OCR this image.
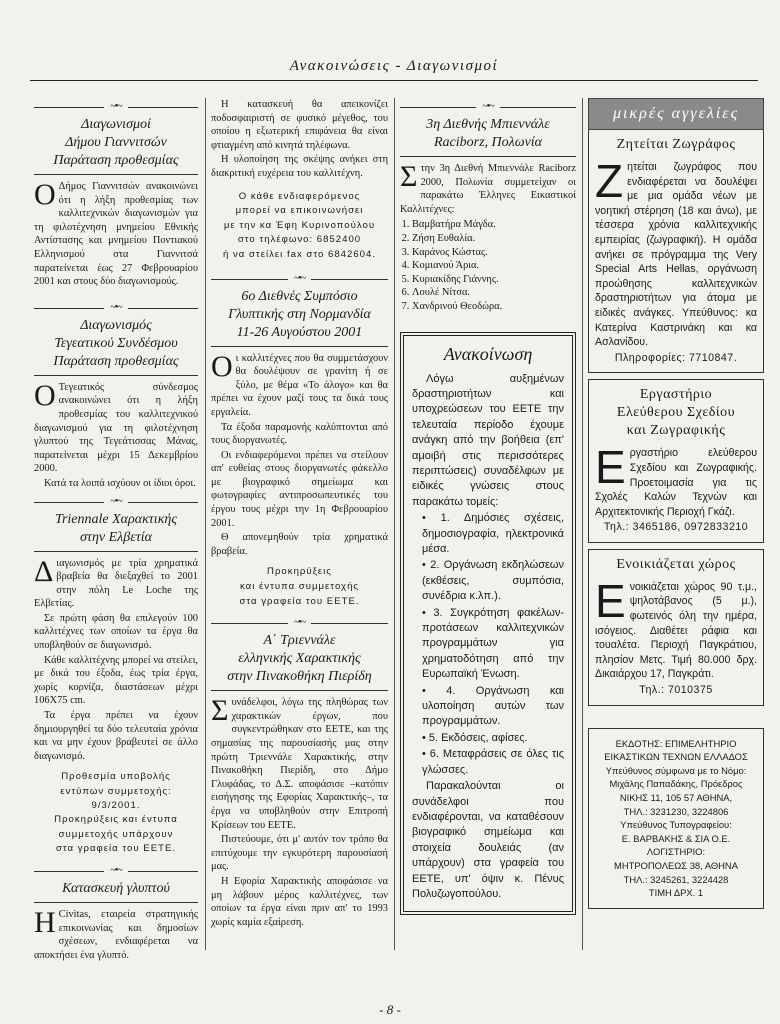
Ανακοινώσεις - Διαγωνισμοί
~•~
Διαγωνισμοί
Δήμου Γιαννιτσών
Παράταση προθεσμίας

Ο Δήμος Γιαννιτσών ανακοινώνει ότι η λήξη προθεσμίας των καλλιτεχνικών διαγωνισμών για τη φιλοτέχνηση μνημείου Εθνικής Αντίστασης και μνημείου Ποντιακού Ελληνισμού στα Γιαννιτσά παρατείνεται έως 27 Φεβρουαρίου 2001 και στους δύο διαγωνισμούς.

~•~
Διαγωνισμός
Τεγεατικού Συνδέσμου
Παράταση προθεσμίας

Ο Τεγεατικός σύνδεσμος ανακοινώνει ότι η λήξη προθεσμίας του καλλιτεχνικού διαγωνισμού για τη φιλοτέχνηση γλυπτού της Τεγεάτισσας Μάνας, παρατείνεται μέχρι 15 Δεκεμβρίου 2000.

Κατά τα λοιπά ισχύουν οι ίδιοι όροι.

~•~
Triennale Χαρακτικής
στην Ελβετία

Διαγωνισμός με τρία χρηματικά βραβεία θα διεξαχθεί το 2001 στην πόλη Le Loche της Ελβετίας.

Σε πρώτη φάση θα επιλεγούν 100 καλλιτέχνες των οποίων τα έργα θα υποβληθούν σε διαγωνισμό.

Κάθε καλλιτέχνης μπορεί να στείλει, με δικά του έξοδα, έως τρία έργα, χωρίς κορνίζα, διαστάσεων μέχρι 106Χ75 cm.

Τα έργα πρέπει να έχουν δημιουργηθεί τα δύο τελευταία χρόνια και να μην έχουν βραβευτεί σε άλλο διαγωνισμό.

Προθεσμία υποβολής

εντύπων συμμετοχής: 9/3/2001.

Προκηρύξεις και έντυπα

συμμετοχής υπάρχουν

στα γραφεία του ΕΕΤΕ.

~•~
Κατασκευή γλυπτού

Η Civitas, εταιρεία στρατηγικής επικοινωνίας και δημοσίων σχέσεων, ενδιαφέρεται να αποκτήσει ένα γλυπτό.

Η κατασκευή θα απεικονίζει ποδοσφαιριστή σε φυσικό μέγεθος, του οποίου η εξωτερική επιφάνεια θα είναι φτιαγμένη από κινητά τηλέφωνα.

Η υλοποίηση της σκέψης ανήκει στη διακριτική ευχέρεια του καλλιτέχνη.

Ο κάθε ενδιαφερόμενος

μπορεί να επικοινωνήσει

με την κα Έφη Κυρινοπούλου

στο τηλέφωνο: 6852400

ή να στείλει fax στο 6842604.

~•~
6ο Διεθνές Συμπόσιο
Γλυπτικής στη Νορμανδία
11-26 Αυγούστου 2001

Οι καλλιτέχνες που θα συμμετάσχουν θα δουλέψουν σε γρανίτη ή σε ξύλο, με θέμα «Το άλογο» και θα πρέπει να έχουν μαζί τους τα δικά τους εργαλεία.

Τα έξοδα παραμονής καλύπτονται από τους διοργανωτές.

Οι ενδιαφερόμενοι πρέπει να στείλουν απ' ευθείας στους διοργανωτές φάκελλο με βιογραφικό σημείωμα και φωτογραφίες αντιπροσωπευτικές του έργου τους μέχρι την 1η Φεβρουαρίου 2001.

Θ απονεμηθούν τρία χρηματικά βραβεία.

Προκηρύξεις

και έντυπα συμμετοχής

στα γραφεία του ΕΕΤΕ.

~•~
Α΄ Τριεννάλε
ελληνικής Χαρακτικής
στην Πινακοθήκη Πιερίδη

Συνάδελφοι, λόγω της πληθώρας των χαρακτικών έργων, που συγκεντρώθηκαν στο ΕΕΤΕ, και της σημασίας της παρουσίασής μας στην πρώτη Τριεννάλε Χαρακτικής, στην Πινακοθήκη Πιερίδη, στο Δήμο Γλυφάδας, το Δ.Σ. αποφάσισε –κατόπιν εισήγησης της Εφορίας Χαρακτικής–, τα έργα να υποβληθούν στην Επιτροπή Κρίσεων του ΕΕΤΕ.

Πιστεύουμε, ότι μ' αυτόν τον τρόπο θα επιτύχουμε την εγκυρότερη παρουσίασή μας.

Η Εφορία Χαρακτικής αποφάσισε να μη λάβουν μέρος καλλιτέχνες, των οποίων τα έργα είναι πριν απ' το 1993 χωρίς καμία εξαίρεση.

~•~
3η Διεθνής Μπιεννάλε
Raciborz, Πολωνία

Στην 3η Διεθνή Μπιεννάλε Raciborz 2000, Πολωνία συμμετείχαν οι παρακάτω Έλληνες Εικαστικοί Καλλιτέχνες:

1. Βαμβατήρα Μάγδα.
2. Ζήση Ευθαλία.
3. Καράνος Κώστας.
4. Κομιανού Άρια.
5. Κυριακίδης Γιάννης.
6. Λουλέ Νίτσα.
7. Χανδρινού Θεοδώρα.
Ανακοίνωση

Λόγω αυξημένων δραστηριοτήτων και υποχρεώσεων του ΕΕΤΕ την τελευταία περίοδο έχουμε ανάγκη από την βοήθεια (επ' αμοιβή στις περισσότερες περιπτώσεις) συναδέλφων με ειδικές γνώσεις στους παρακάτω τομείς:

• 1. Δημόσιες σχέσεις, δημοσιογραφία, ηλεκτρονικά μέσα.

• 2. Οργάνωση εκδηλώσεων (εκθέσεις, συμπόσια, συνέδρια κ.λπ.).

• 3. Συγκρότηση φακέλων-προτάσεων καλλιτεχνικών προγραμμάτων για χρηματοδότηση από την Ευρωπαϊκή Ένωση.

• 4. Οργάνωση και υλοποίηση αυτών των προγραμμάτων.

• 5. Εκδόσεις, αφίσες.

• 6. Μεταφράσεις σε όλες τις γλώσσες.

Παρακαλούνται οι συνάδελφοι που ενδιαφέρονται, να καταθέσουν βιογραφικό σημείωμα και στοιχεία δουλειάς (αν υπάρχουν) στα γραφεία του ΕΕΤΕ, υπ' όψιν κ. Πένυς Πολυζωγοπούλου.

μικρές αγγελίες
Ζητείται Ζωγράφος

Ζητείται ζωγράφος που ενδιαφέρεται να δουλέψει με μια ομάδα νέων με νοητική στέρηση (18 και άνω), με τέσσερα χρόνια καλλιτεχνικής εμπειρίας (ζωγραφική). Η ομάδα ανήκει σε πρόγραμμα της Very Special Arts Hellas, οργάνωση προώθησης καλλιτεχνικών δραστηριοτήτων για άτομα με ειδικές ανάγκες. Υπεύθυνος: κα Κατερίνα Καστρινάκη και κα Ασλανίδου.

Πληροφορίες: 7710847.

Εργαστήριο
Ελεύθερου Σχεδίου
και Ζωγραφικής

Εργαστήριο ελεύθερου Σχεδίου και Ζωγραφικής. Προετοιμασία για τις Σχολές Καλών Τεχνών και Αρχιτεκτονικής Περιοχή Γκάζι.

Τηλ.: 3465186, 0972833210

Ενοικιάζεται χώρος

Ενοικιάζεται χώρος 90 τ.μ., ψηλοτάβανος (5 μ.), φωτεινός όλη την ημέρα, ισόγειος. Διαθέτει ράφια και τουαλέτα. Περιοχή Παγκράτιου, πλησίον Μετς. Τιμή 80.000 δρχ. Δικαιάρχου 17, Παγκράτι.

Τηλ.: 7010375

ΕΚΔΟΤΗΣ: ΕΠΙΜΕΛΗΤΗΡΙΟ
ΕΙΚΑΣΤΙΚΩΝ ΤΕΧΝΩΝ ΕΛΛΑΔΟΣ
Υπεύθυνος σύμφωνα με το Νόμο:
Μιχάλης Παπαδάκης, Πρόεδρος
ΝΙΚΗΣ 11, 105 57 ΑΘΗΝΑ,
ΤΗΛ.: 3231230, 3224806
Υπεύθυνος Τυπογραφείου:
Ε. ΒΑΡΒΑΚΗΣ & ΣΙΑ Ο.Ε.
ΛΟΓΙΣΤΗΡΙΟ:
ΜΗΤΡΟΠΟΛΕΩΣ 38, ΑΘΗΝΑ
ΤΗΛ.: 3245261, 3224428
ΤΙΜΗ ΔΡΧ. 1
- 8 -
